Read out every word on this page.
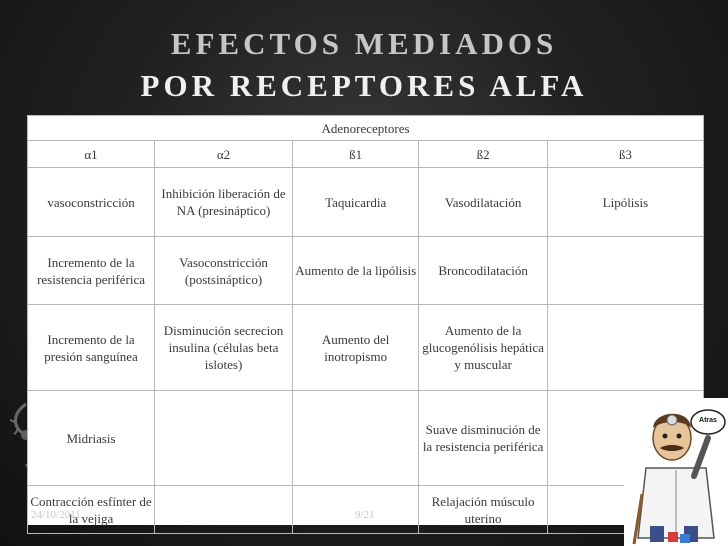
EFECTOS MEDIADOS
POR RECEPTORES ALFA
Adenoreceptores				
α1	α2	ß1	ß2	ß3
vasoconstricción	Inhibición liberación de NA (presináptico)	Taquicardia	Vasodilatación	Lipólisis
Incremento de la resistencia periférica	Vasoconstricción (postsináptico)	Aumento de la lipólisis	Broncodilatación	
Incremento de la presión sanguínea	Disminución secrecion insulina (células beta islotes)	Aumento del inotropismo	Aumento de la glucogenólisis hepática y muscular	
Midriasis			Suave disminución de la resistencia periférica	
Contracción esfínter de la vejiga			Relajación músculo uterino	
24/10/2011	9/21
Atras
